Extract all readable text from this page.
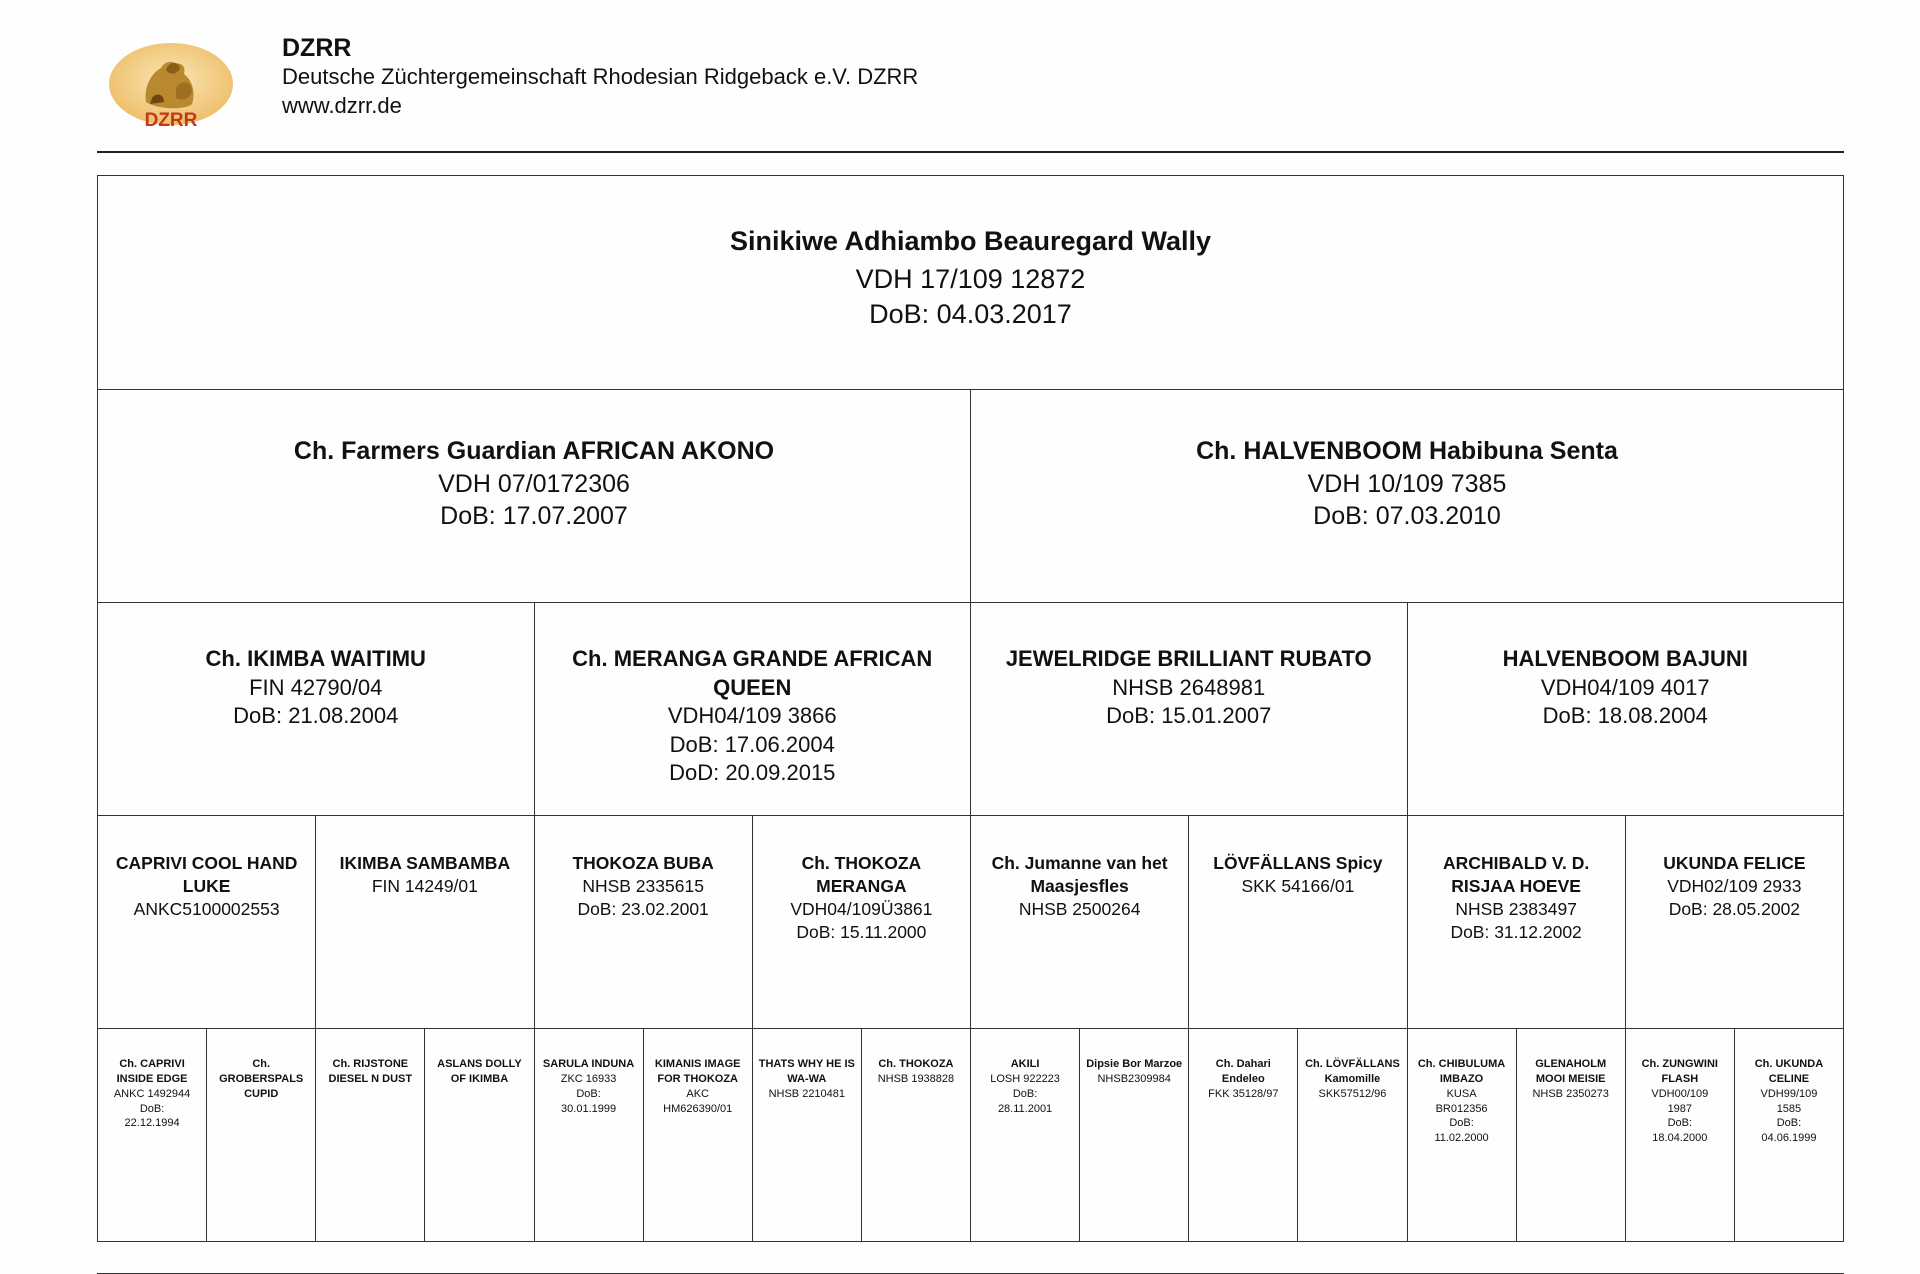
DZRR
DZRR
Deutsche Züchtergemeinschaft Rhodesian Ridgeback e.V. DZRR
www.dzrr.de
Sinikiwe Adhiambo Beauregard Wally
VDH 17/109 12872
DoB: 04.03.2017
Ch. Farmers Guardian AFRICAN AKONO
VDH 07/0172306
DoB: 17.07.2007
Ch. HALVENBOOM Habibuna Senta
VDH 10/109 7385
DoB: 07.03.2010
Ch. IKIMBA WAITIMU
FIN 42790/04
DoB: 21.08.2004
Ch. MERANGA GRANDE AFRICAN QUEEN
VDH04/109 3866
DoB: 17.06.2004
DoD: 20.09.2015
JEWELRIDGE BRILLIANT RUBATO
NHSB 2648981
DoB: 15.01.2007
HALVENBOOM BAJUNI
VDH04/109 4017
DoB: 18.08.2004
CAPRIVI COOL HAND LUKE
ANKC5100002553
IKIMBA SAMBAMBA
FIN 14249/01
THOKOZA BUBA
NHSB 2335615
DoB: 23.02.2001
Ch. THOKOZA MERANGA
VDH04/109Ü3861
DoB: 15.11.2000
Ch. Jumanne van het Maasjesfles
NHSB 2500264
LÖVFÄLLANS Spicy
SKK 54166/01
ARCHIBALD V. D. RISJAA HOEVE
NHSB 2383497
DoB: 31.12.2002
UKUNDA FELICE
VDH02/109 2933
DoB: 28.05.2002
Ch. CAPRIVI INSIDE EDGE
ANKC 1492944
DoB:
22.12.1994
Ch. GROBERSPALS CUPID
Ch. RIJSTONE DIESEL N DUST
ASLANS DOLLY OF IKIMBA
SARULA INDUNA
ZKC 16933
DoB:
30.01.1999
KIMANIS IMAGE FOR THOKOZA
AKC
HM626390/01
THATS WHY HE IS WA-WA
NHSB 2210481
Ch. THOKOZA
NHSB 1938828
AKILI
LOSH 922223
DoB:
28.11.2001
Dipsie Bor Marzoe
NHSB2309984
Ch. Dahari Endeleo
FKK 35128/97
Ch. LÖVFÄLLANS Kamomille
SKK57512/96
Ch. CHIBULUMA IMBAZO
KUSA
BR012356
DoB:
11.02.2000
GLENAHOLM MOOI MEISIE
NHSB 2350273
Ch. ZUNGWINI FLASH
VDH00/109
1987
DoB:
18.04.2000
Ch. UKUNDA CELINE
VDH99/109
1585
DoB:
04.06.1999
